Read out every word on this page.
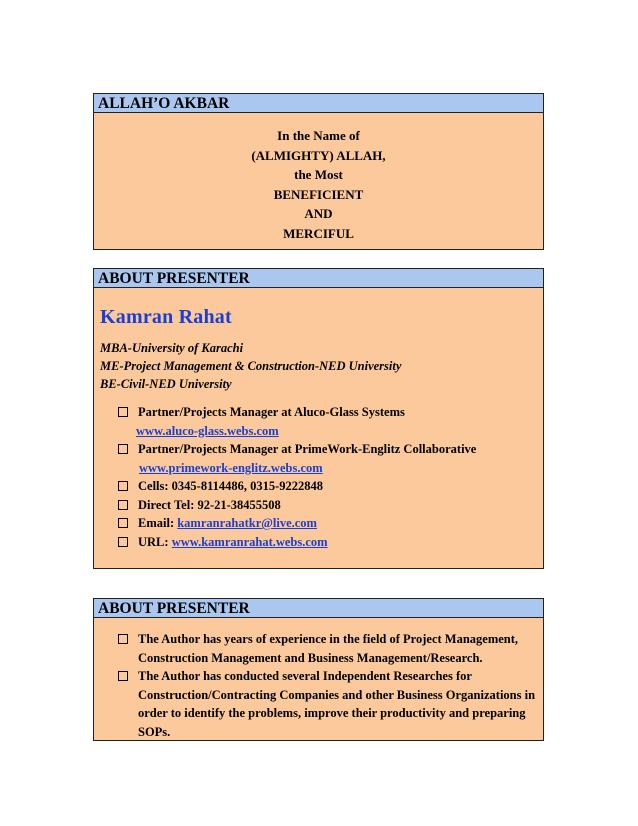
ALLAH’O AKBAR
In the Name of
(ALMIGHTY) ALLAH,
the Most
BENEFICIENT
AND
MERCIFUL
ABOUT PRESENTER
Kamran Rahat
MBA-University of Karachi
ME-Project Management & Construction-NED University
BE-Civil-NED University
Partner/Projects Manager at Aluco-Glass Systems
www.aluco-glass.webs.com
Partner/Projects Manager at PrimeWork-Englitz Collaborative
www.primework-englitz.webs.com
Cells: 0345-8114486, 0315-9222848
Direct Tel: 92-21-38455508
Email: kamranrahatkr@live.com
URL: www.kamranrahat.webs.com
ABOUT PRESENTER
The Author has years of experience in the field of Project Management, Construction Management and Business Management/Research.
The Author has conducted several Independent Researches for Construction/Contracting Companies and other Business Organizations in order to identify the problems, improve their productivity and preparing SOPs.
